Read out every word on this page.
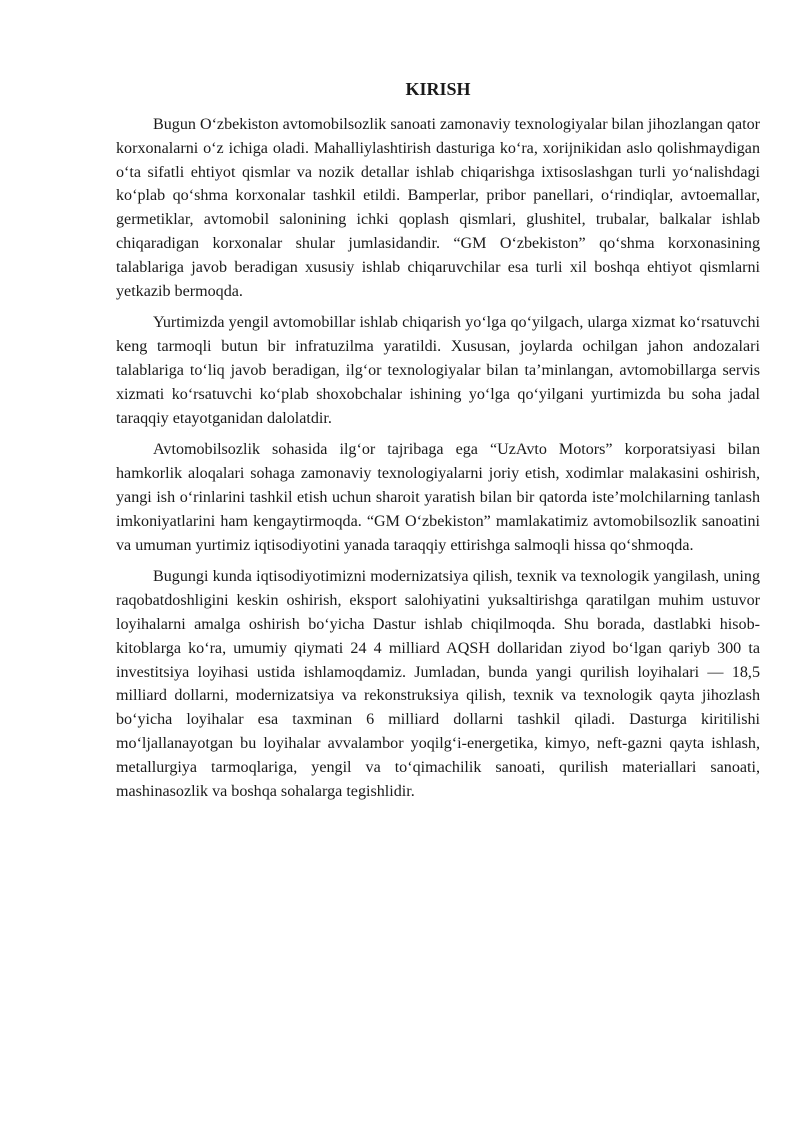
KIRISH

Bugun O‘zbekiston avtomobilsozlik sanoati zamonaviy texnologiyalar bilan jihozlangan qator korxonalarni o‘z ichiga oladi. Mahalliylashtirish dasturiga ko‘ra, xorijnikidan aslo qolishmaydigan o‘ta sifatli ehtiyot qismlar va nozik detallar ishlab chiqarishga ixtisoslashgan turli yo‘nalishdagi ko‘plab qo‘shma korxonalar tashkil etildi. Bamperlar, pribor panellari, o‘rindiqlar, avtoemallar, germetiklar, avtomobil salonining ichki qoplash qismlari, glushitel, trubalar, balkalar ishlab chiqaradigan korxonalar shular jumlasidandir. “GM O‘zbekiston” qo‘shma korxonasining talablariga javob beradigan xususiy ishlab chiqaruvchilar esa turli xil boshqa ehtiyot qismlarni yetkazib bermoqda.

Yurtimizda yengil avtomobillar ishlab chiqarish yo‘lga qo‘yilgach, ularga xizmat ko‘rsatuvchi keng tarmoqli butun bir infratuzilma yaratildi. Xususan, joylarda ochilgan jahon andozalari talablariga to‘liq javob beradigan, ilg‘or texnologiyalar bilan ta’minlangan, avtomobillarga servis xizmati ko‘rsatuvchi ko‘plab shoxobchalar ishining yo‘lga qo‘yilgani yurtimizda bu soha jadal taraqqiy etayotganidan dalolatdir.

Avtomobilsozlik sohasida ilg‘or tajribaga ega “UzAvto Motors” korporatsiyasi bilan hamkorlik aloqalari sohaga zamonaviy texnologiyalarni joriy etish, xodimlar malakasini oshirish, yangi ish o‘rinlarini tashkil etish uchun sharoit yaratish bilan bir qatorda iste’molchilarning tanlash imkoniyatlarini ham kengaytirmoqda. “GM O‘zbekiston” mamlakatimiz avtomobilsozlik sanoatini va umuman yurtimiz iqtisodiyotini yanada taraqqiy ettirishga salmoqli hissa qo‘shmoqda.

Bugungi kunda iqtisodiyotimizni modernizatsiya qilish, texnik va texnologik yangilash, uning raqobatdoshligini keskin oshirish, eksport salohiyatini yuksaltirishga qaratilgan muhim ustuvor loyihalarni amalga oshirish bo‘yicha Dastur ishlab chiqilmoqda. Shu borada, dastlabki hisob-kitoblarga ko‘ra, umumiy qiymati 24 4 milliard AQSH dollaridan ziyod bo‘lgan qariyb 300 ta investitsiya loyihasi ustida ishlamoqdamiz. Jumladan, bunda yangi qurilish loyihalari — 18,5 milliard dollarni, modernizatsiya va rekonstruksiya qilish, texnik va texnologik qayta jihozlash bo‘yicha loyihalar esa taxminan 6 milliard dollarni tashkil qiladi. Dasturga kiritilishi mo‘ljallanayotgan bu loyihalar avvalambor yoqilg‘i-energetika, kimyo, neft-gazni qayta ishlash, metallurgiya tarmoqlariga, yengil va to‘qimachilik sanoati, qurilish materiallari sanoati, mashinasozlik va boshqa sohalarga tegishlidir.
